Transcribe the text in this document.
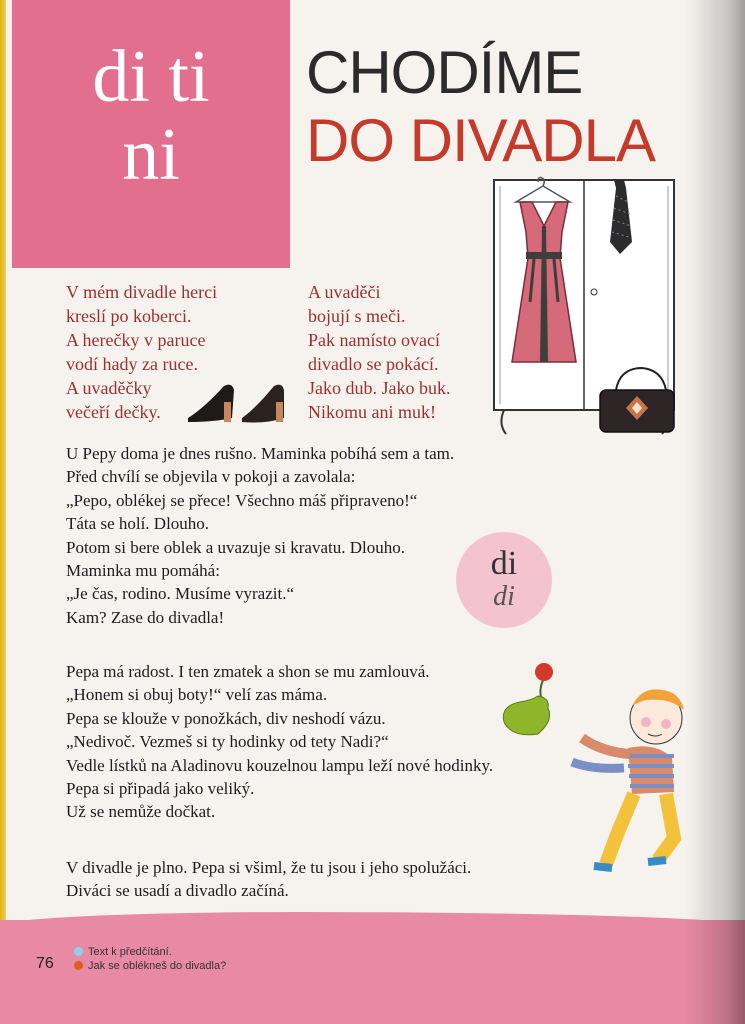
di ti
ni
CHODÍME
DO DIVADLA
V mém divadle herci
kreslí po koberci.
A herečky v paruce
vodí hady za ruce.
A uvaděčky
večeří dečky.
A uvaděči
bojují s meči.
Pak namísto ovací
divadlo se pokácí.
Jako dub. Jako buk.
Nikomu ani muk!
U Pepy doma je dnes rušno. Maminka pobíhá sem a tam.
Před chvílí se objevila v pokoji a zavolala:
„Pepo, oblékej se přece! Všechno máš připraveno!“
Táta se holí. Dlouho.
Potom si bere oblek a uvazuje si kravatu. Dlouho.
Maminka mu pomáhá:
„Je čas, rodino. Musíme vyrazit.“
Kam? Zase do divadla!
di
di
Pepa má radost. I ten zmatek a shon se mu zamlouvá.
„Honem si obuj boty!“ velí zas máma.
Pepa se klouže v ponožkách, div neshodí vázu.
„Nedivoč. Vezmeš si ty hodinky od tety Nadi?“
Vedle lístků na Aladinovu kouzelnou lampu leží nové hodinky.
Pepa si připadá jako veliký.
Už se nemůže dočkat.
V divadle je plno. Pepa si všiml, že tu jsou i jeho spolužáci.
Diváci se usadí a divadlo začíná.
76
Text k předčítání.
Jak se oblékneš do divadla?
